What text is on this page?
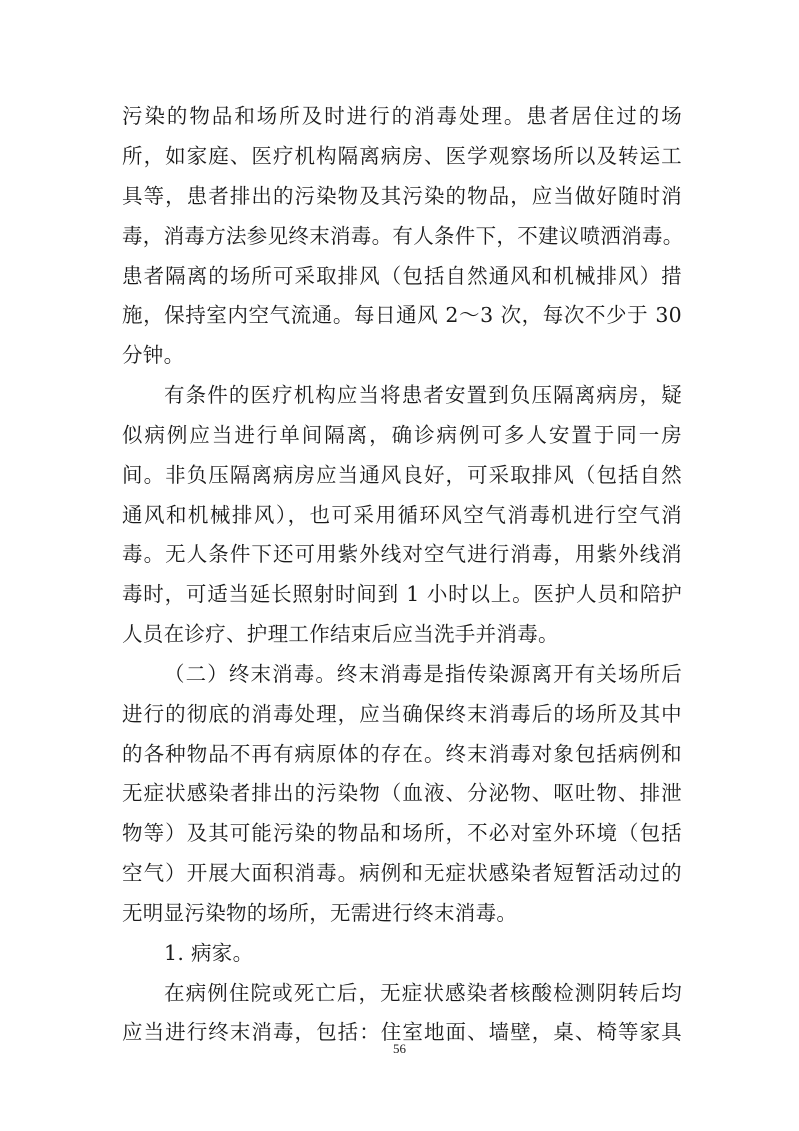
污染的物品和场所及时进行的消毒处理。患者居住过的场
所，如家庭、医疗机构隔离病房、医学观察场所以及转运工
具等，患者排出的污染物及其污染的物品，应当做好随时消
毒，消毒方法参见终末消毒。有人条件下，不建议喷洒消毒。
患者隔离的场所可采取排风（包括自然通风和机械排风）措
施，保持室内空气流通。每日通风 2～3 次，每次不少于 30
分钟。
有条件的医疗机构应当将患者安置到负压隔离病房，疑
似病例应当进行单间隔离，确诊病例可多人安置于同一房
间。非负压隔离病房应当通风良好，可采取排风（包括自然
通风和机械排风），也可采用循环风空气消毒机进行空气消
毒。无人条件下还可用紫外线对空气进行消毒，用紫外线消
毒时，可适当延长照射时间到 1 小时以上。医护人员和陪护
人员在诊疗、护理工作结束后应当洗手并消毒。
（二）终末消毒。终末消毒是指传染源离开有关场所后
进行的彻底的消毒处理，应当确保终末消毒后的场所及其中
的各种物品不再有病原体的存在。终末消毒对象包括病例和
无症状感染者排出的污染物（血液、分泌物、呕吐物、排泄
物等）及其可能污染的物品和场所，不必对室外环境（包括
空气）开展大面积消毒。病例和无症状感染者短暂活动过的
无明显污染物的场所，无需进行终末消毒。
1. 病家。
在病例住院或死亡后，无症状感染者核酸检测阴转后均
应当进行终末消毒，包括：住室地面、墙壁，桌、椅等家具
56
